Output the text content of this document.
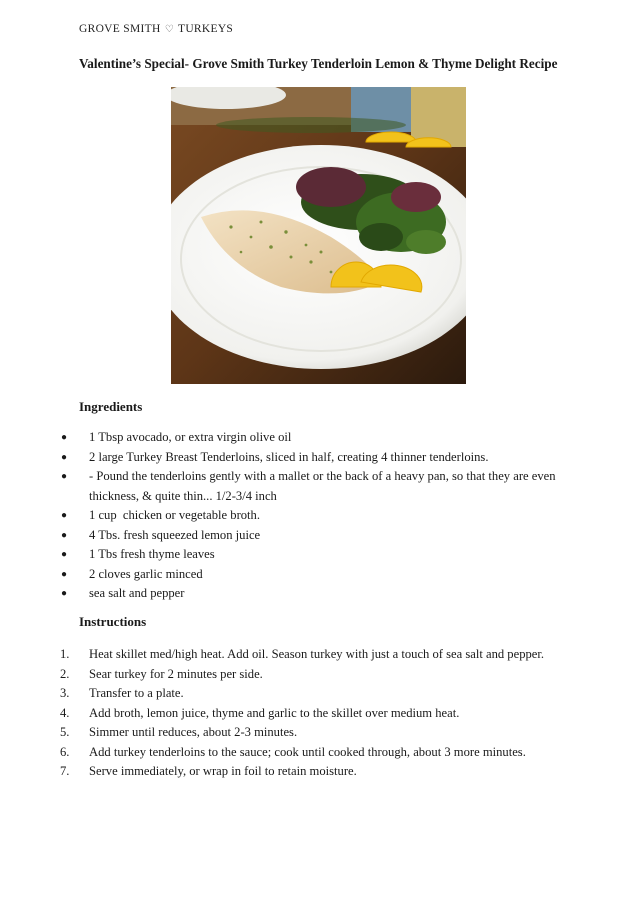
GROVE SMITH ♡ TURKEYS
Valentine’s Special- Grove Smith Turkey Tenderloin Lemon & Thyme Delight Recipe
Ingredients
● 1 Tbsp avocado, or extra virgin olive oil
● 2 large Turkey Breast Tenderloins, sliced in half, creating 4 thinner tenderloins.
● - Pound the tenderloins gently with a mallet or the back of a heavy pan, so that they are even thickness, & quite thin... 1/2-3/4 inch
● 1 cup  chicken or vegetable broth.
● 4 Tbs. fresh squeezed lemon juice
● 1 Tbs fresh thyme leaves
● 2 cloves garlic minced
● sea salt and pepper
Instructions
1.	Heat skillet med/high heat. Add oil. Season turkey with just a touch of sea salt and pepper.
2.	Sear turkey for 2 minutes per side.
3.	Transfer to a plate.
4.	Add broth, lemon juice, thyme and garlic to the skillet over medium heat.
5.	Simmer until reduces, about 2-3 minutes.
6.	Add turkey tenderloins to the sauce; cook until cooked through, about 3 more minutes.
7.	Serve immediately, or wrap in foil to retain moisture.
